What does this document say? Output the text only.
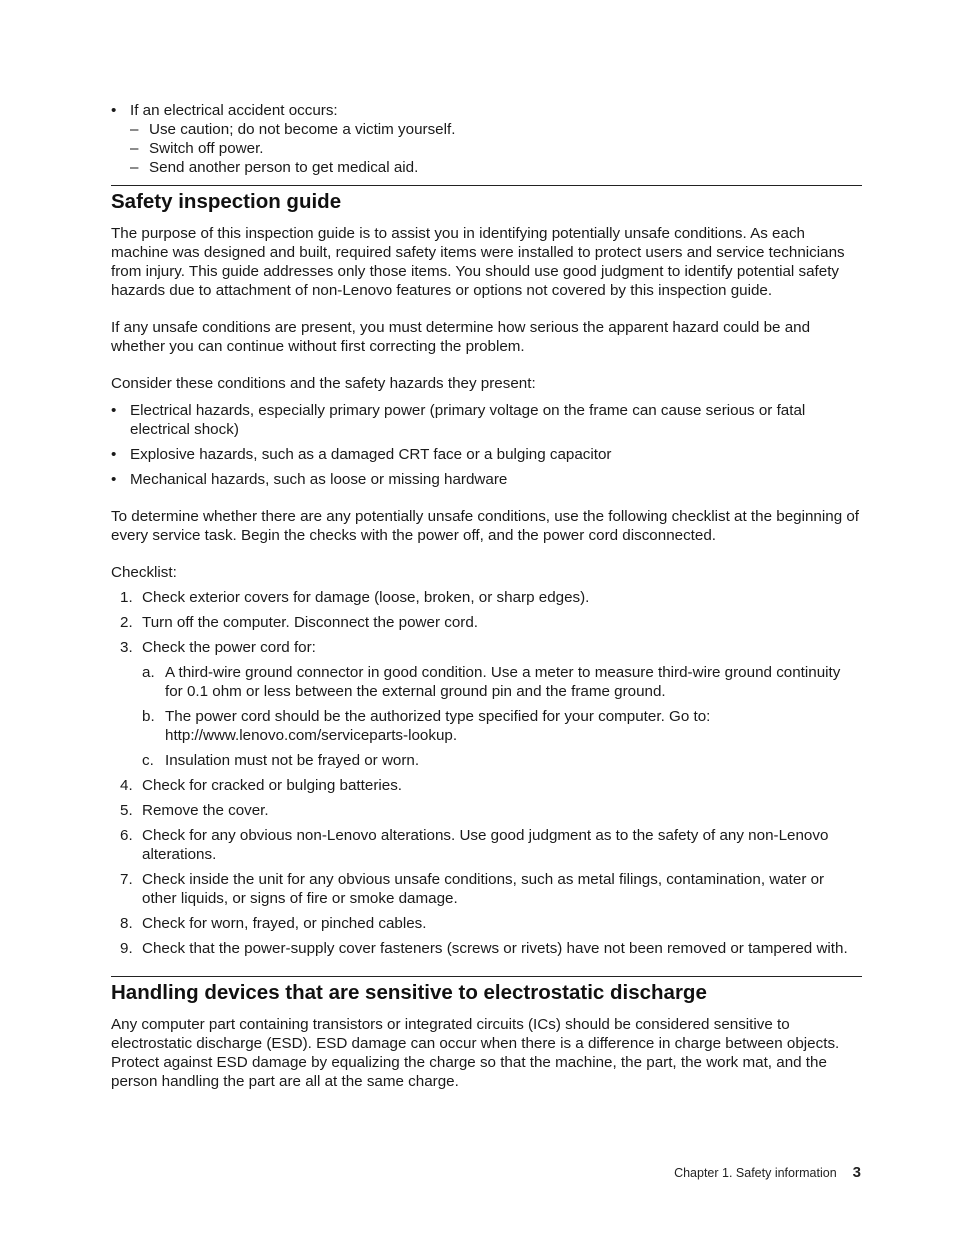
• If an electrical accident occurs:
– Use caution; do not become a victim yourself.
– Switch off power.
– Send another person to get medical aid.
Safety inspection guide

The purpose of this inspection guide is to assist you in identifying potentially unsafe conditions. As each machine was designed and built, required safety items were installed to protect users and service technicians from injury. This guide addresses only those items. You should use good judgment to identify potential safety hazards due to attachment of non-Lenovo features or options not covered by this inspection guide.

If any unsafe conditions are present, you must determine how serious the apparent hazard could be and whether you can continue without first correcting the problem.

Consider these conditions and the safety hazards they present:

• Electrical hazards, especially primary power (primary voltage on the frame can cause serious or fatal electrical shock)
• Explosive hazards, such as a damaged CRT face or a bulging capacitor
• Mechanical hazards, such as loose or missing hardware

To determine whether there are any potentially unsafe conditions, use the following checklist at the beginning of every service task. Begin the checks with the power off, and the power cord disconnected.

Checklist:

1. Check exterior covers for damage (loose, broken, or sharp edges).
2. Turn off the computer. Disconnect the power cord.
3. Check the power cord for:
a. A third-wire ground connector in good condition. Use a meter to measure third-wire ground continuity for 0.1 ohm or less between the external ground pin and the frame ground.
b. The power cord should be the authorized type specified for your computer. Go to: http://www.lenovo.com/serviceparts-lookup.
c. Insulation must not be frayed or worn.
4. Check for cracked or bulging batteries.
5. Remove the cover.
6. Check for any obvious non-Lenovo alterations. Use good judgment as to the safety of any non-Lenovo alterations.
7. Check inside the unit for any obvious unsafe conditions, such as metal filings, contamination, water or other liquids, or signs of fire or smoke damage.
8. Check for worn, frayed, or pinched cables.
9. Check that the power-supply cover fasteners (screws or rivets) have not been removed or tampered with.
Handling devices that are sensitive to electrostatic discharge

Any computer part containing transistors or integrated circuits (ICs) should be considered sensitive to electrostatic discharge (ESD). ESD damage can occur when there is a difference in charge between objects. Protect against ESD damage by equalizing the charge so that the machine, the part, the work mat, and the person handling the part are all at the same charge.

Chapter 1. Safety information 3
